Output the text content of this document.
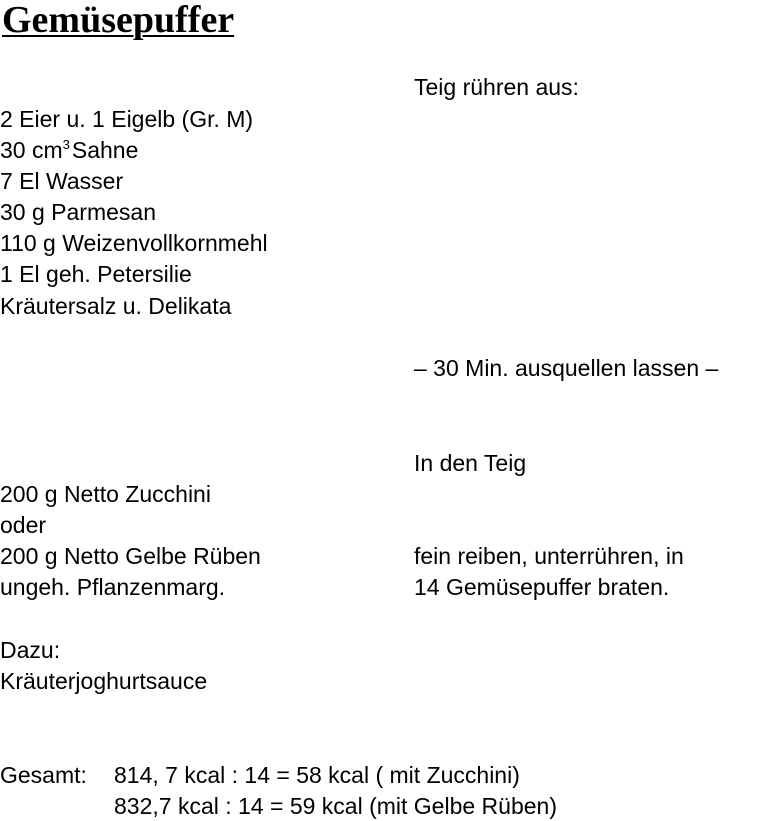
Gemüsepuffer
Teig rühren aus:
2 Eier u. 1 Eigelb (Gr. M)
30 $cm^3Sahne$
7 El Wasser
30 g Parmesan
110 g Weizenvollkornmehl
1 El geh. Petersilie
Kräutersalz u. Delikata
– 30 Min. ausquellen lassen –
In den Teig
200 g Netto Zucchini
oder
200 g Netto Gelbe Rüben
ungeh. Pflanzenmarg.
fein reiben, unterrühren, in
14 Gemüsepuffer braten.
Dazu:
Kräuterjoghurtsauce
Gesamt: 814, 7 kcal : 14 = 58 kcal ( mit Zucchini)
832,7 kcal : 14 = 59 kcal (mit Gelbe Rüben)
